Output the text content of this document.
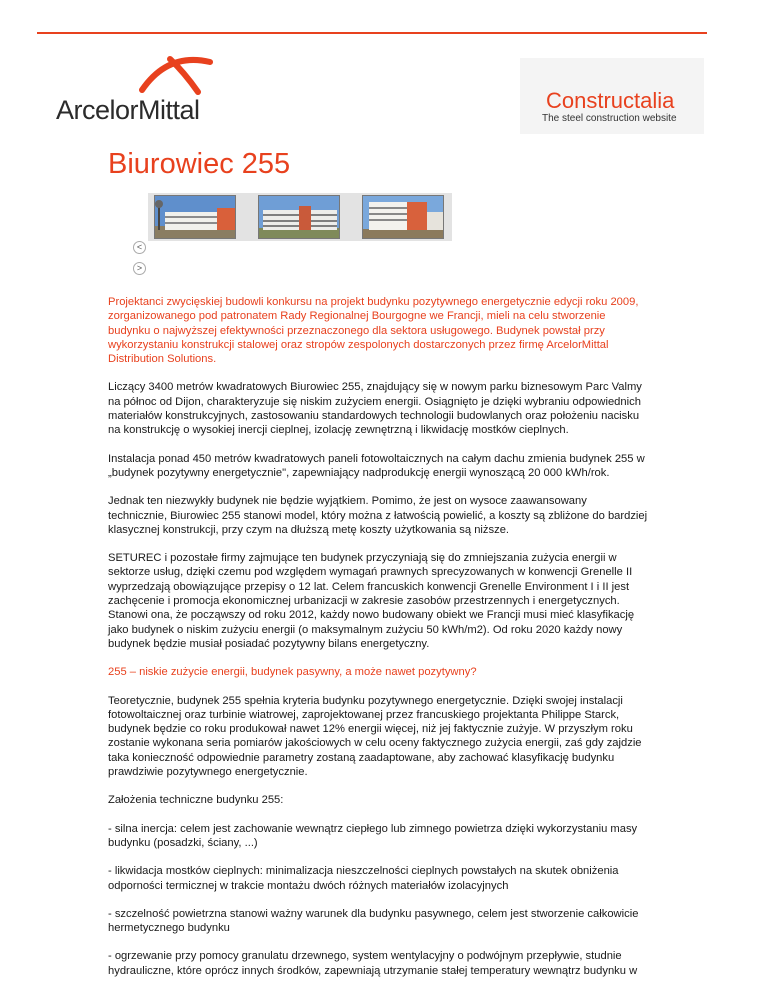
ArcelorMittal	Constructalia
The steel construction website
Biurowiec 255
<
>

Projektanci zwycięskiej budowli konkursu na projekt budynku pozytywnego energetycznie edycji roku 2009, zorganizowanego pod patronatem Rady Regionalnej Bourgogne we Francji, mieli na celu stworzenie budynku o najwyższej efektywności przeznaczonego dla sektora usługowego. Budynek powstał przy wykorzystaniu konstrukcji stalowej oraz stropów zespolonych dostarczonych przez firmę ArcelorMittal Distribution Solutions.

Liczący 3400 metrów kwadratowych Biurowiec 255, znajdujący się w nowym parku biznesowym Parc Valmy na północ od Dijon, charakteryzuje się niskim zużyciem energii. Osiągnięto je dzięki wybraniu odpowiednich materiałów konstrukcyjnych, zastosowaniu standardowych technologii budowlanych oraz położeniu nacisku na konstrukcję o wysokiej inercji cieplnej, izolację zewnętrzną i likwidację mostków cieplnych.

Instalacja ponad 450 metrów kwadratowych paneli fotowoltaicznych na całym dachu zmienia budynek 255 w „budynek pozytywny energetycznie", zapewniający nadprodukcję energii wynoszącą 20 000 kWh/rok.

Jednak ten niezwykły budynek nie będzie wyjątkiem. Pomimo, że jest on wysoce zaawansowany technicznie, Biurowiec 255 stanowi model, który można z łatwością powielić, a koszty są zbliżone do bardziej klasycznej konstrukcji, przy czym na dłuższą metę koszty użytkowania są niższe.

SETUREC i pozostałe firmy zajmujące ten budynek przyczyniają się do zmniejszania zużycia energii w sektorze usług, dzięki czemu pod względem wymagań prawnych sprecyzowanych w konwencji Grenelle II wyprzedzają obowiązujące przepisy o 12 lat. Celem francuskich konwencji Grenelle Environment I i II jest zachęcenie i promocja ekonomicznej urbanizacji w zakresie zasobów przestrzennych i energetycznych. Stanowi ona, że począwszy od roku 2012, każdy nowo budowany obiekt we Francji musi mieć klasyfikację jako budynek o niskim zużyciu energii (o maksymalnym zużyciu 50 kWh/m2). Od roku 2020 każdy nowy budynek będzie musiał posiadać pozytywny bilans energetyczny.

255 – niskie zużycie energii, budynek pasywny, a może nawet pozytywny?

Teoretycznie, budynek 255 spełnia kryteria budynku pozytywnego energetycznie. Dzięki swojej instalacji fotowoltaicznej oraz turbinie wiatrowej, zaprojektowanej przez francuskiego projektanta Philippe Starck, budynek będzie co roku produkował nawet 12% energii więcej, niż jej faktycznie zużyje. W przyszłym roku zostanie wykonana seria pomiarów jakościowych w celu oceny faktycznego zużycia energii, zaś gdy zajdzie taka konieczność odpowiednie parametry zostaną zaadaptowane, aby zachować klasyfikację budynku prawdziwie pozytywnego energetycznie.

Założenia techniczne budynku 255:

- silna inercja: celem jest zachowanie wewnątrz ciepłego lub zimnego powietrza dzięki wykorzystaniu masy budynku (posadzki, ściany, ...)

- likwidacja mostków cieplnych: minimalizacja nieszczelności cieplnych powstałych na skutek obniżenia odporności termicznej w trakcie montażu dwóch różnych materiałów izolacyjnych

- szczelność powietrzna stanowi ważny warunek dla budynku pasywnego, celem jest stworzenie całkowicie hermetycznego budynku

- ogrzewanie przy pomocy granulatu drzewnego, system wentylacyjny o podwójnym przepływie, studnie hydrauliczne, które oprócz innych środków, zapewniają utrzymanie stałej temperatury wewnątrz budynku w
